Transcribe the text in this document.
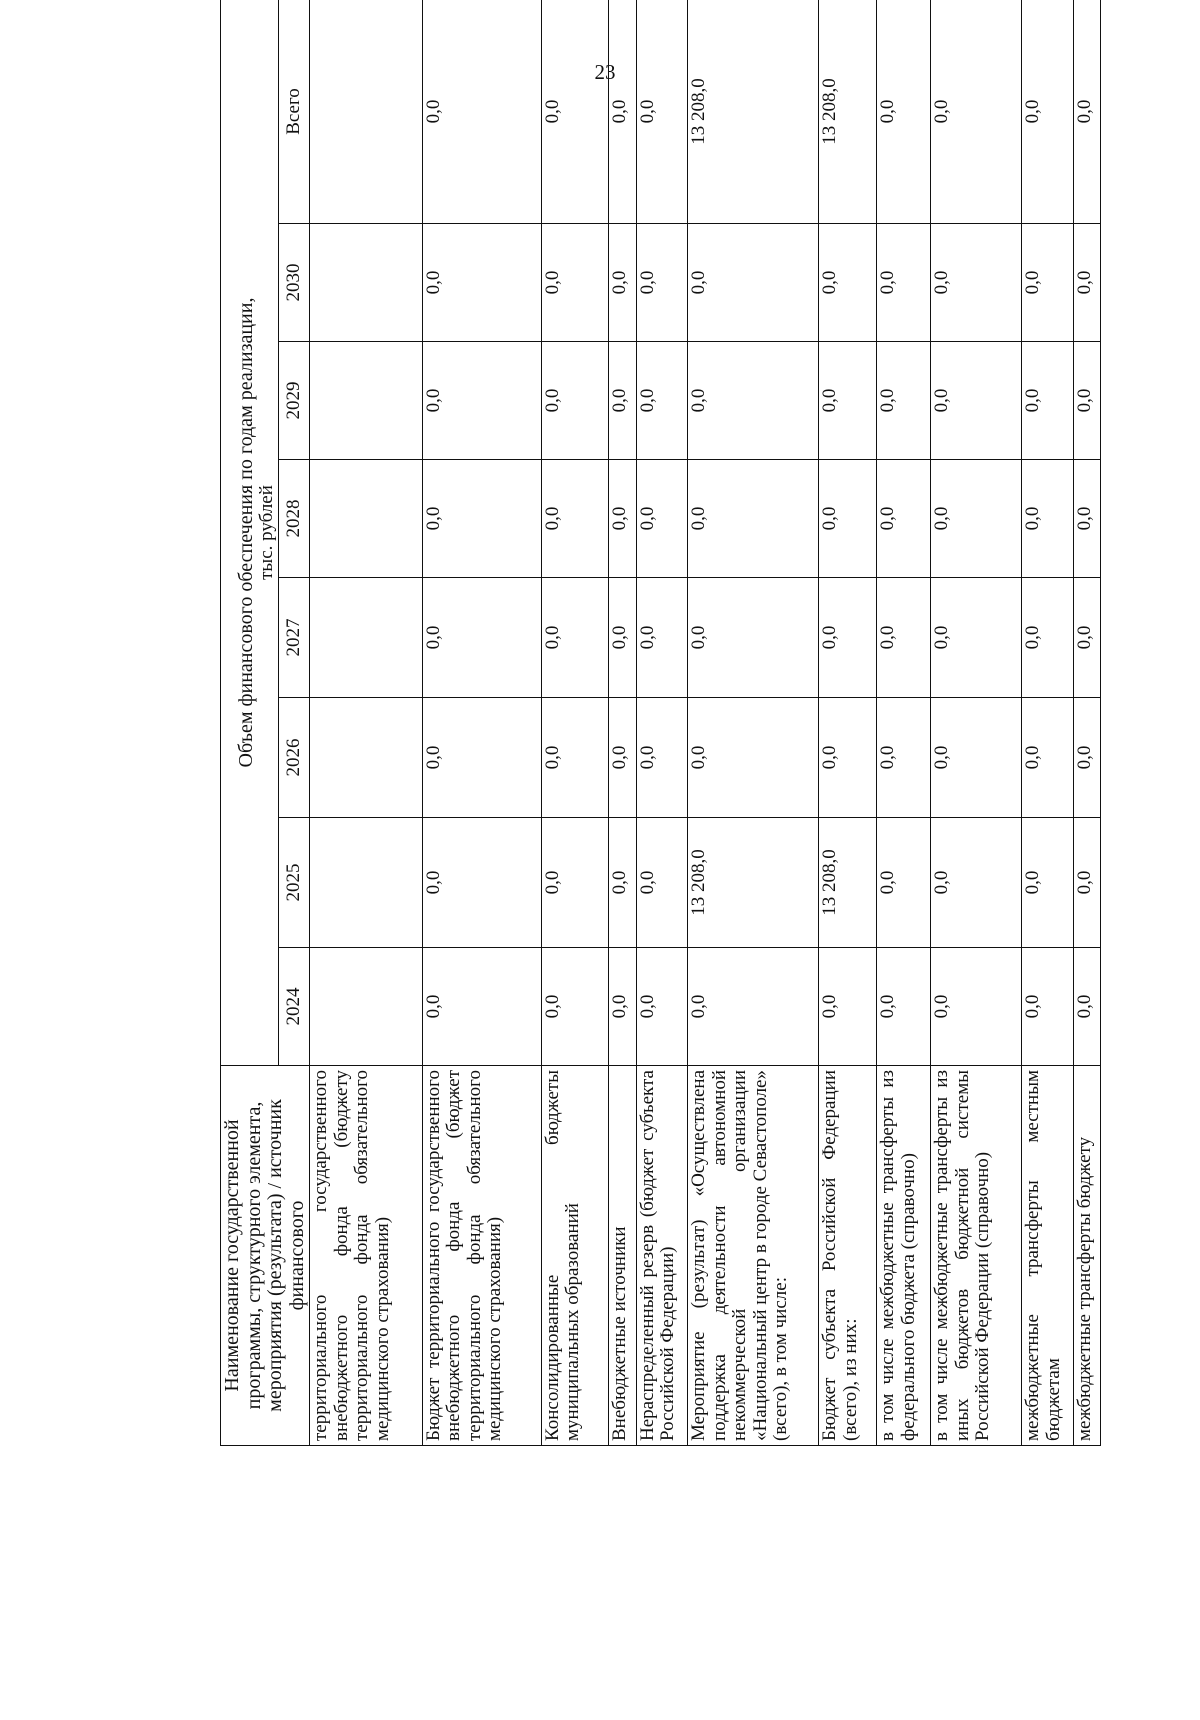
23
Наименование государственной программы, структурного элемента, мероприятия (результата) / источник финансового	Объем финансового обеспечения по годам реализации, тыс. рублей							

	2024	2025	2026	2027	2028	2029	2030	Всего
территориального государственного внебюджетного фонда (бюджету территориального фонда обязательного медицинского страхования)								
Бюджет территориального государственного внебюджетного фонда (бюджет территориального фонда обязательного медицинского страхования)	0,0	0,0	0,0	0,0	0,0	0,0	0,0	0,0
Консолидированные бюджеты муниципальных образований	0,0	0,0	0,0	0,0	0,0	0,0	0,0	0,0
Внебюджетные источники	0,0	0,0	0,0	0,0	0,0	0,0	0,0	0,0
Нераспределенный резерв (бюджет субъекта Российской Федерации)	0,0	0,0	0,0	0,0	0,0	0,0	0,0	0,0
Мероприятие (результат) «Осуществлена поддержка деятельности автономной некоммерческой организации «Национальный центр в городе Севастополе» (всего), в том числе:	0,0	13 208,0	0,0	0,0	0,0	0,0	0,0	13 208,0
Бюджет субъекта Российской Федерации (всего), из них:	0,0	13 208,0	0,0	0,0	0,0	0,0	0,0	13 208,0
в том числе межбюджетные трансферты из федерального бюджета (справочно)	0,0	0,0	0,0	0,0	0,0	0,0	0,0	0,0
в том числе межбюджетные трансферты из иных бюджетов бюджетной системы Российской Федерации (справочно)	0,0	0,0	0,0	0,0	0,0	0,0	0,0	0,0
межбюджетные трансферты местным бюджетам	0,0	0,0	0,0	0,0	0,0	0,0	0,0	0,0
межбюджетные трансферты бюджету	0,0	0,0	0,0	0,0	0,0	0,0	0,0	0,0
